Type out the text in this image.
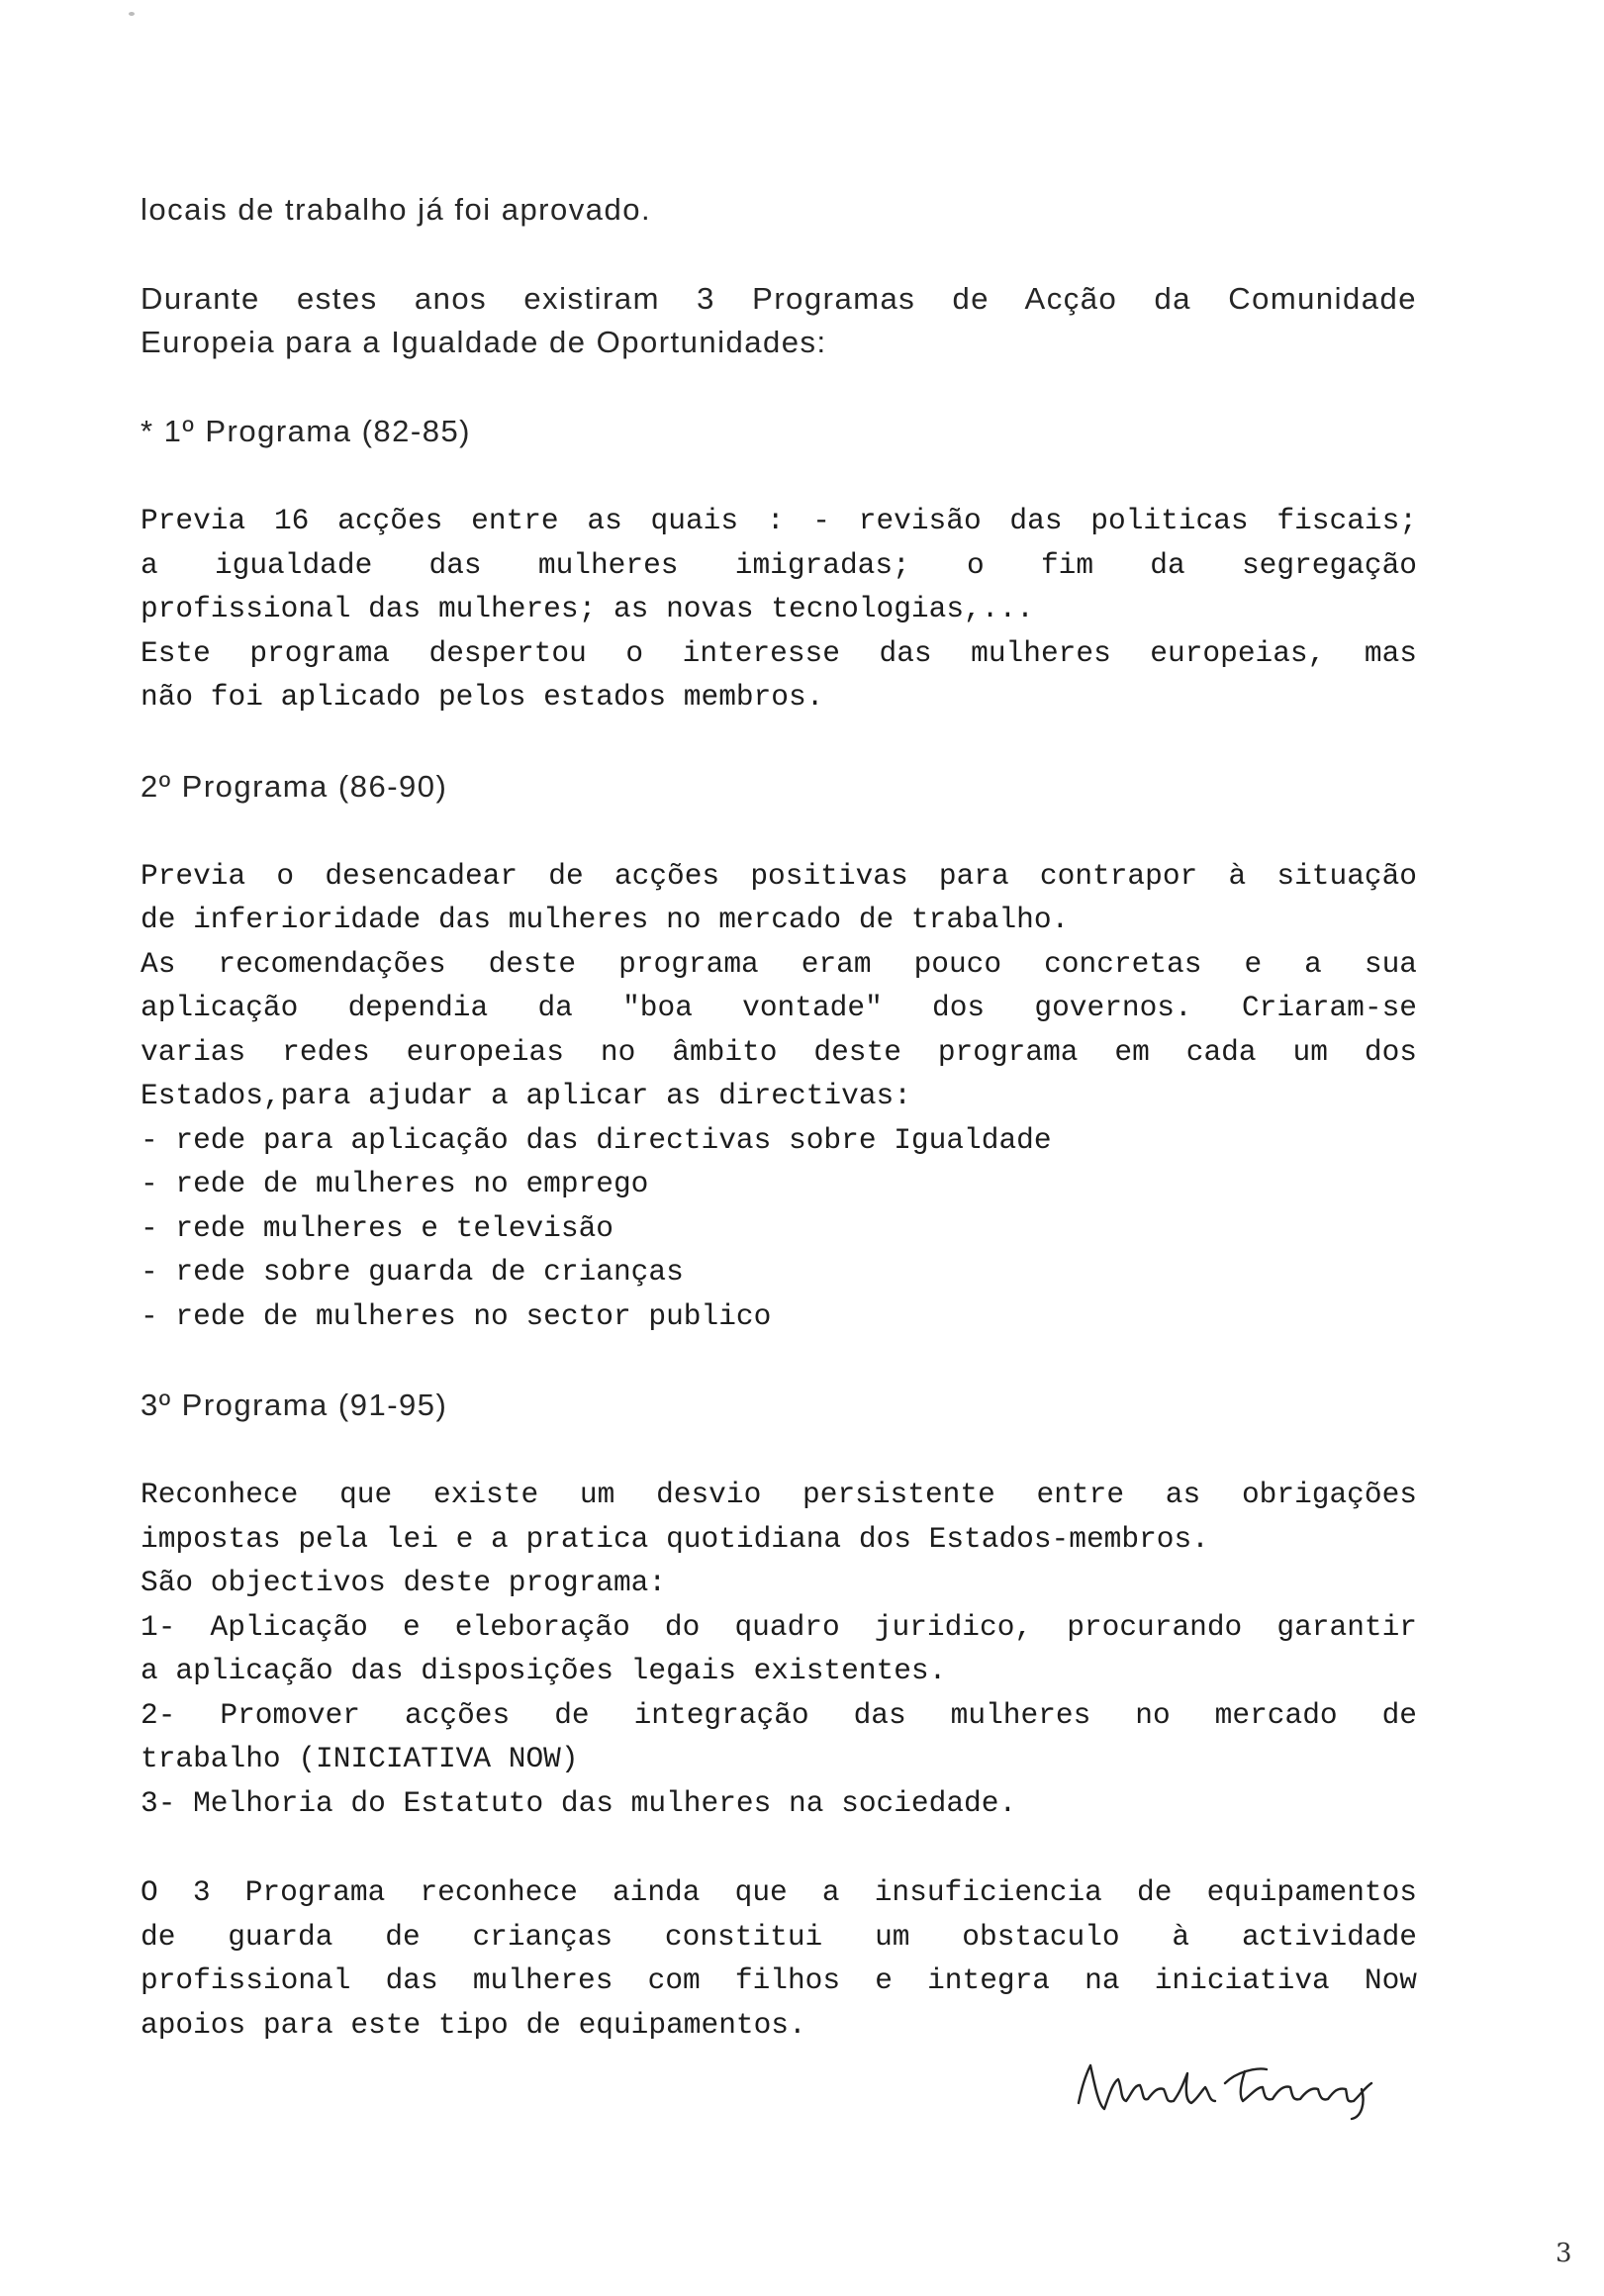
locais de trabalho já foi aprovado.
Durante estes anos existiram 3 Programas de Acção da Comunidade
Europeia para a Igualdade de Oportunidades:
* 1º Programa (82-85)
Previa 16 acções entre as quais : - revisão das politicas fiscais;
a igualdade das mulheres imigradas; o fim da segregação
profissional das mulheres; as novas tecnologias,...
Este programa despertou o interesse das mulheres europeias, mas
não foi aplicado pelos estados membros.
2º Programa (86-90)
Previa o desencadear de acções positivas para contrapor à situação
de inferioridade das mulheres no mercado de trabalho.
As recomendações deste programa eram pouco concretas e a sua
aplicação dependia da "boa vontade" dos governos. Criaram-se
varias redes europeias no âmbito deste programa em cada um dos
Estados,para ajudar a aplicar as directivas:
- rede para aplicação das directivas sobre Igualdade
- rede de mulheres no emprego
- rede mulheres e televisão
- rede sobre guarda de crianças
- rede de mulheres no sector publico
3º Programa (91-95)
Reconhece que existe um desvio persistente entre as obrigações
impostas pela lei e a pratica quotidiana dos Estados-membros.
São objectivos deste programa:
1- Aplicação e eleboração do quadro juridico, procurando garantir
a aplicação das disposições legais existentes.
2- Promover acções de integração das mulheres no mercado de
trabalho (INICIATIVA NOW)
3- Melhoria do Estatuto das mulheres na sociedade.
O 3 Programa reconhece ainda que a insuficiencia de equipamentos
de guarda de crianças constitui um obstaculo à actividade
profissional das mulheres com filhos e integra na iniciativa Now
apoios para este tipo de equipamentos.
3
